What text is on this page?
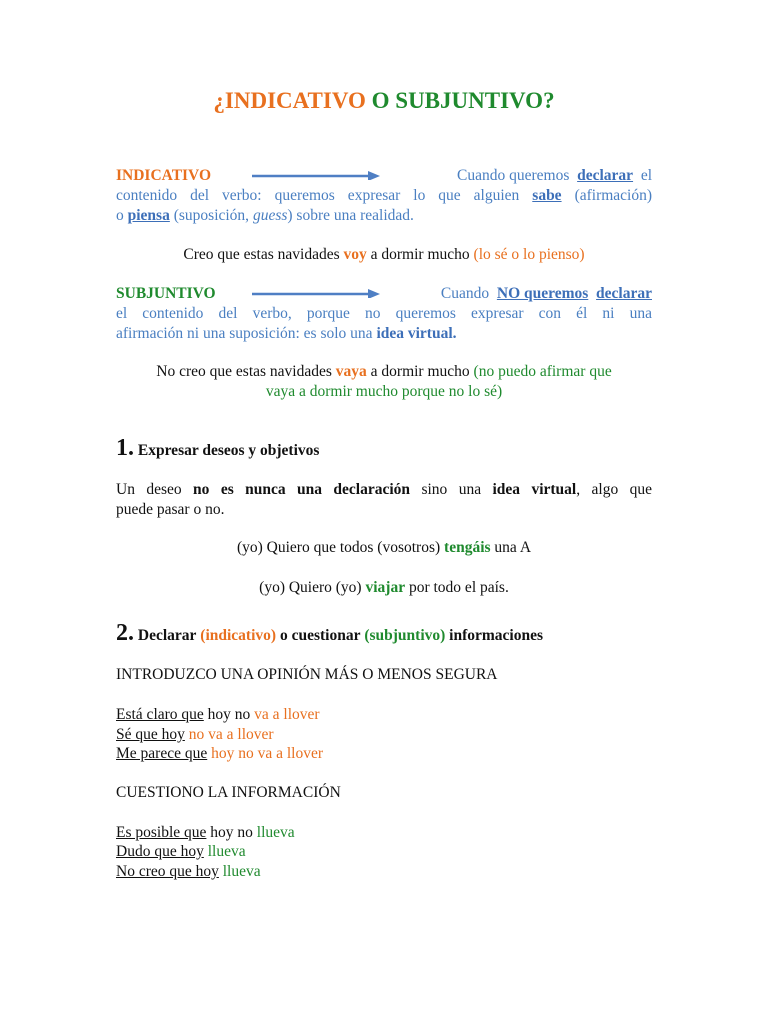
¿INDICATIVO O SUBJUNTIVO?
INDICATIVO	Cuando queremos declarar el
contenido del verbo: queremos expresar lo que alguien sabe (afirmación)
o piensa (suposición, guess) sobre una realidad.
Creo que estas navidades voy a dormir mucho (lo sé o lo pienso)
SUBJUNTIVO	Cuando NO queremos declarar
el contenido del verbo, porque no queremos expresar con él ni una
afirmación ni una suposición: es solo una idea virtual.
No creo que estas navidades vaya a dormir mucho (no puedo afirmar que
vaya a dormir mucho porque no lo sé)
1. Expresar deseos y objetivos
Un deseo no es nunca una declaración sino una idea virtual, algo que
puede pasar o no.
(yo) Quiero que todos (vosotros) tengáis una A
(yo) Quiero (yo) viajar por todo el país.
2. Declarar (indicativo) o cuestionar (subjuntivo) informaciones
INTRODUZCO UNA OPINIÓN MÁS O MENOS SEGURA
Está claro que hoy no va a llover
Sé que hoy no va a llover
Me parece que hoy no va a llover
CUESTIONO LA INFORMACIÓN
Es posible que hoy no llueva
Dudo que hoy llueva
No creo que hoy llueva
